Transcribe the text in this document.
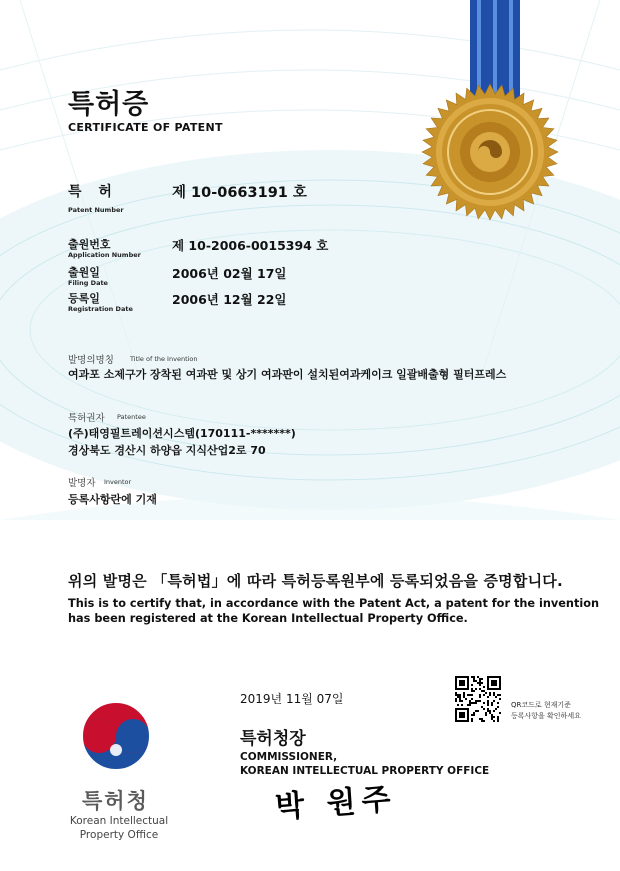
특허증
CERTIFICATE OF PATENT
특 허
Patent Number
제 10-0663191 호
출원번호
Application Number
제 10-2006-0015394 호
출원일
Filing Date
2006년 02월 17일
등록일
Registration Date
2006년 12월 22일
발명의명칭 Title of the Invention
여과포 소제구가 장착된 여과판 및 상기 여과판이 설치된여과케이크 일괄배출형 필터프레스
특허권자 Patentee
(주)태영필트레이션시스템(170111-*******)
경상북도 경산시 하양읍 지식산업2로 70
발명자 Inventor
등록사항란에 기재
위의 발명은 「특허법」에 따라 특허등록원부에 등록되었음을 증명합니다.
This is to certify that, in accordance with the Patent Act, a patent for the invention
has been registered at the Korean Intellectual Property Office.
2019년 11월 07일	QR코드로 현재기준
등록사항을 확인하세요
특허청장
COMMISSIONER,
KOREAN INTELLECTUAL PROPERTY OFFICE
박 원주
특허청
Korean Intellectual
Property Office
